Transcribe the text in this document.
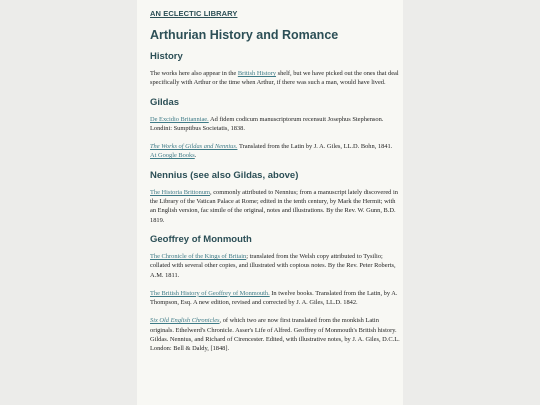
AN ECLECTIC LIBRARY
Arthurian History and Romance
History

The works here also appear in the British History shelf, but we have picked out the ones that deal specifically with Arthur or the time when Arthur, if there was such a man, would have lived.

Gildas

De Excidio Britanniae. Ad fidem codicum manuscriptorum recensuit Josephus Stephenson. Londini: Sumptibus Societatis, 1838.

The Works of Gildas and Nennius. Translated from the Latin by J. A. Giles, LL.D. Bohn, 1841.
At Google Books.

Nennius (see also Gildas, above)

The Historia Brittonum, commonly attributed to Nennius; from a manuscript lately discovered in the Library of the Vatican Palace at Rome; edited in the tenth century, by Mark the Hermit; with an English version, fac simile of the original, notes and illustrations. By the Rev. W. Gunn, B.D. 1819.

Geoffrey of Monmouth

The Chronicle of the Kings of Britain; translated from the Welsh copy attributed to Tysilio; collated with several other copies, and illustrated with copious notes. By the Rev. Peter Roberts, A.M. 1811.

The British History of Geoffrey of Monmouth. In twelve books. Translated from the Latin, by A. Thompson, Esq. A new edition, revised and corrected by J. A. Giles, LL.D. 1842.

Six Old English Chronicles, of which two are now first translated from the monkish Latin originals. Ethelwerd's Chronicle. Asser's Life of Alfred. Geoffrey of Monmouth's British history. Gildas. Nennius, and Richard of Cirencester. Edited, with illustrative notes, by J. A. Giles, D.C.L. London: Bell & Daldy, [1848].
